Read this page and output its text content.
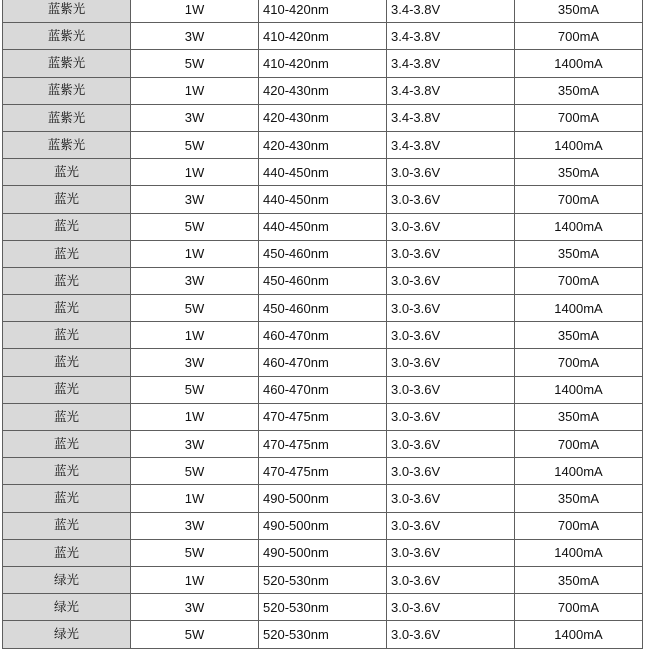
蓝紫光	1W	410-420nm	3.4-3.8V	350mA
蓝紫光	3W	410-420nm	3.4-3.8V	700mA
蓝紫光	5W	410-420nm	3.4-3.8V	1400mA
蓝紫光	1W	420-430nm	3.4-3.8V	350mA
蓝紫光	3W	420-430nm	3.4-3.8V	700mA
蓝紫光	5W	420-430nm	3.4-3.8V	1400mA
蓝光	1W	440-450nm	3.0-3.6V	350mA
蓝光	3W	440-450nm	3.0-3.6V	700mA
蓝光	5W	440-450nm	3.0-3.6V	1400mA
蓝光	1W	450-460nm	3.0-3.6V	350mA
蓝光	3W	450-460nm	3.0-3.6V	700mA
蓝光	5W	450-460nm	3.0-3.6V	1400mA
蓝光	1W	460-470nm	3.0-3.6V	350mA
蓝光	3W	460-470nm	3.0-3.6V	700mA
蓝光	5W	460-470nm	3.0-3.6V	1400mA
蓝光	1W	470-475nm	3.0-3.6V	350mA
蓝光	3W	470-475nm	3.0-3.6V	700mA
蓝光	5W	470-475nm	3.0-3.6V	1400mA
蓝光	1W	490-500nm	3.0-3.6V	350mA
蓝光	3W	490-500nm	3.0-3.6V	700mA
蓝光	5W	490-500nm	3.0-3.6V	1400mA
绿光	1W	520-530nm	3.0-3.6V	350mA
绿光	3W	520-530nm	3.0-3.6V	700mA
绿光	5W	520-530nm	3.0-3.6V	1400mA
